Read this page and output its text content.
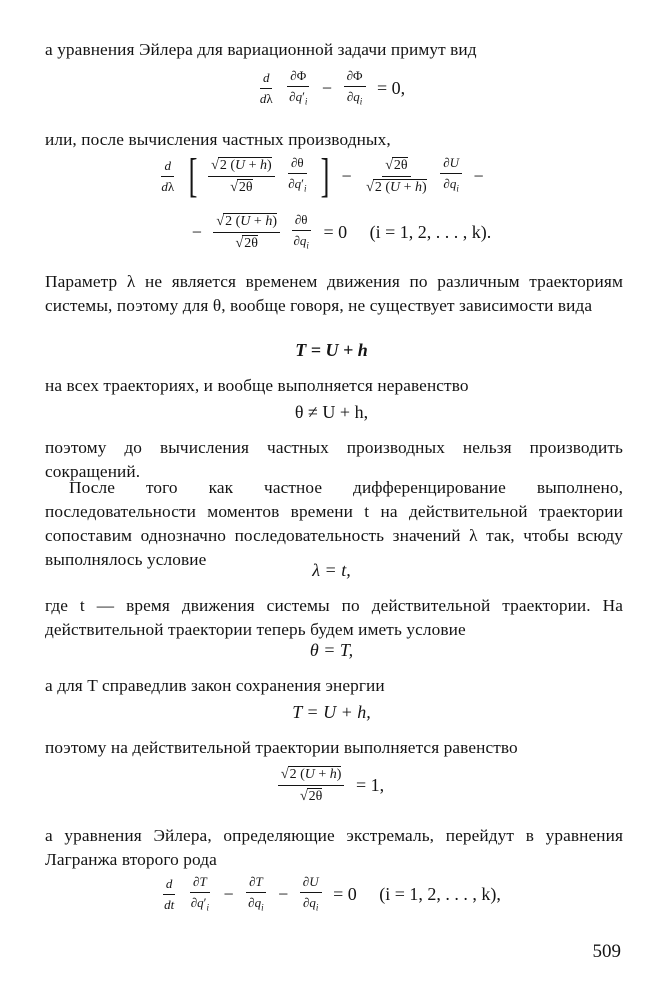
а уравнения Эйлера для вариационной задачи примут вид
$\frac{d}{d\lambda}$
$\frac{\partial\Phi}{\partial q'_i} - \frac{\partial\Phi}{\partial q_i} = 0$,
или, после вычисления частных производных,
$\frac{d}{d\lambda}$ [ $\frac{√2 (U + h)}{√2\theta}$
$\frac{\partial\theta}{\partial q'_i}$ ] − $\frac{√2\theta}{√2 (U + h)}$
$\frac{\partial U}{\partial q_i}$ −
− $\frac{√2 (U + h)}{√2\theta}$
$\frac{\partial\theta}{\partial q_i} = 0$ (i = 1, 2, . . . , k).
Параметр λ не является временем движения по различным траекториям системы, поэтому для θ, вообще говоря, не существует зависимости вида
T = U + h
на всех траекториях, и вообще выполняется неравенство
θ ≠ U + h,
поэтому до вычисления частных производных нельзя производить сокращений.
После того как частное дифференцирование выполнено, последовательности моментов времени t на действительной траектории сопоставим однозначно последовательность значений λ так, чтобы всюду выполнялось условие
λ = t,
где t — время движения системы по действительной траектории. На действительной траектории теперь будем иметь условие
θ = T,
а для T справедлив закон сохранения энергии
T = U + h,
поэтому на действительной траектории выполняется равенство
$\frac{√2 (U + h)}{√2\theta} = 1$,
а уравнения Эйлера, определяющие экстремаль, перейдут в уравнения Лагранжа второго рода
$\frac{d}{dt}$
$\frac{\partial T}{\partial q'_i} - \frac{\partial T}{\partial q_i} - \frac{\partial U}{\partial q_i} = 0$ (i = 1, 2, . . . , k),
509
